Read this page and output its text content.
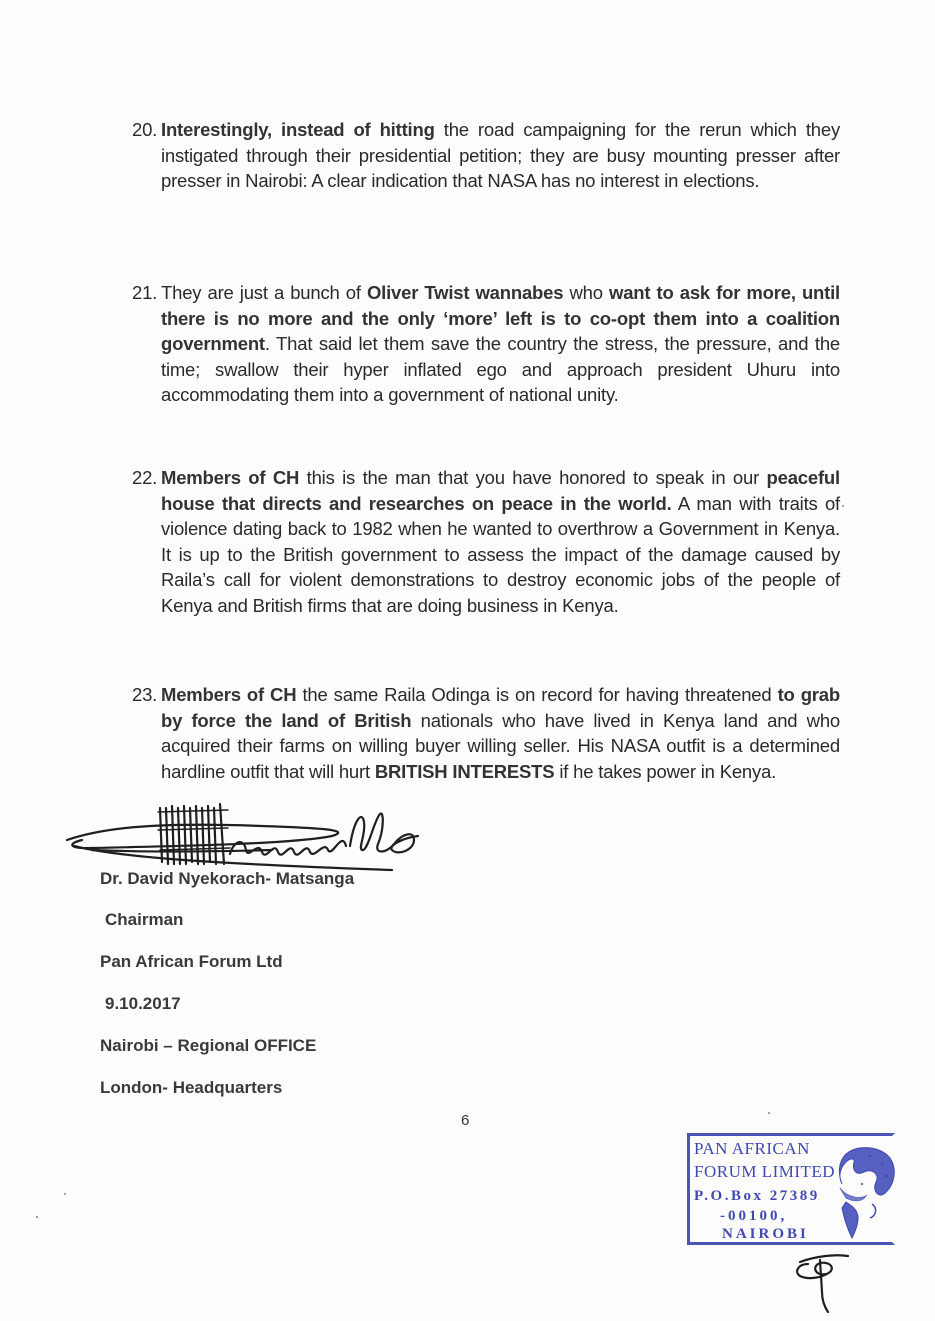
20. Interestingly, instead of hitting the road campaigning for the rerun which they instigated through their presidential petition; they are busy mounting presser after presser in Nairobi: A clear indication that NASA has no interest in elections.
21. They are just a bunch of Oliver Twist wannabes who want to ask for more, until there is no more and the only ‘more’ left is to co-opt them into a coalition government. That said let them save the country the stress, the pressure, and the time; swallow their hyper inflated ego and approach president Uhuru into accommodating them into a government of national unity.
22. Members of CH this is the man that you have honored to speak in our peaceful house that directs and researches on peace in the world. A man with traits of violence dating back to 1982 when he wanted to overthrow a Government in Kenya. It is up to the British government to assess the impact of the damage caused by Raila’s call for violent demonstrations to destroy economic jobs of the people of Kenya and British firms that are doing business in Kenya.
23. Members of CH the same Raila Odinga is on record for having threatened to grab by force the land of British nationals who have lived in Kenya land and who acquired their farms on willing buyer willing seller. His NASA outfit is a determined hardline outfit that will hurt BRITISH INTERESTS if he takes power in Kenya.
Dr. David Nyekorach- Matsanga
Chairman
Pan African Forum Ltd
9.10.2017
Nairobi – Regional OFFICE
London- Headquarters
6
PAN AFRICAN
FORUM LIMITED
P.O.Box 27389
-00100,
NAIROBI
